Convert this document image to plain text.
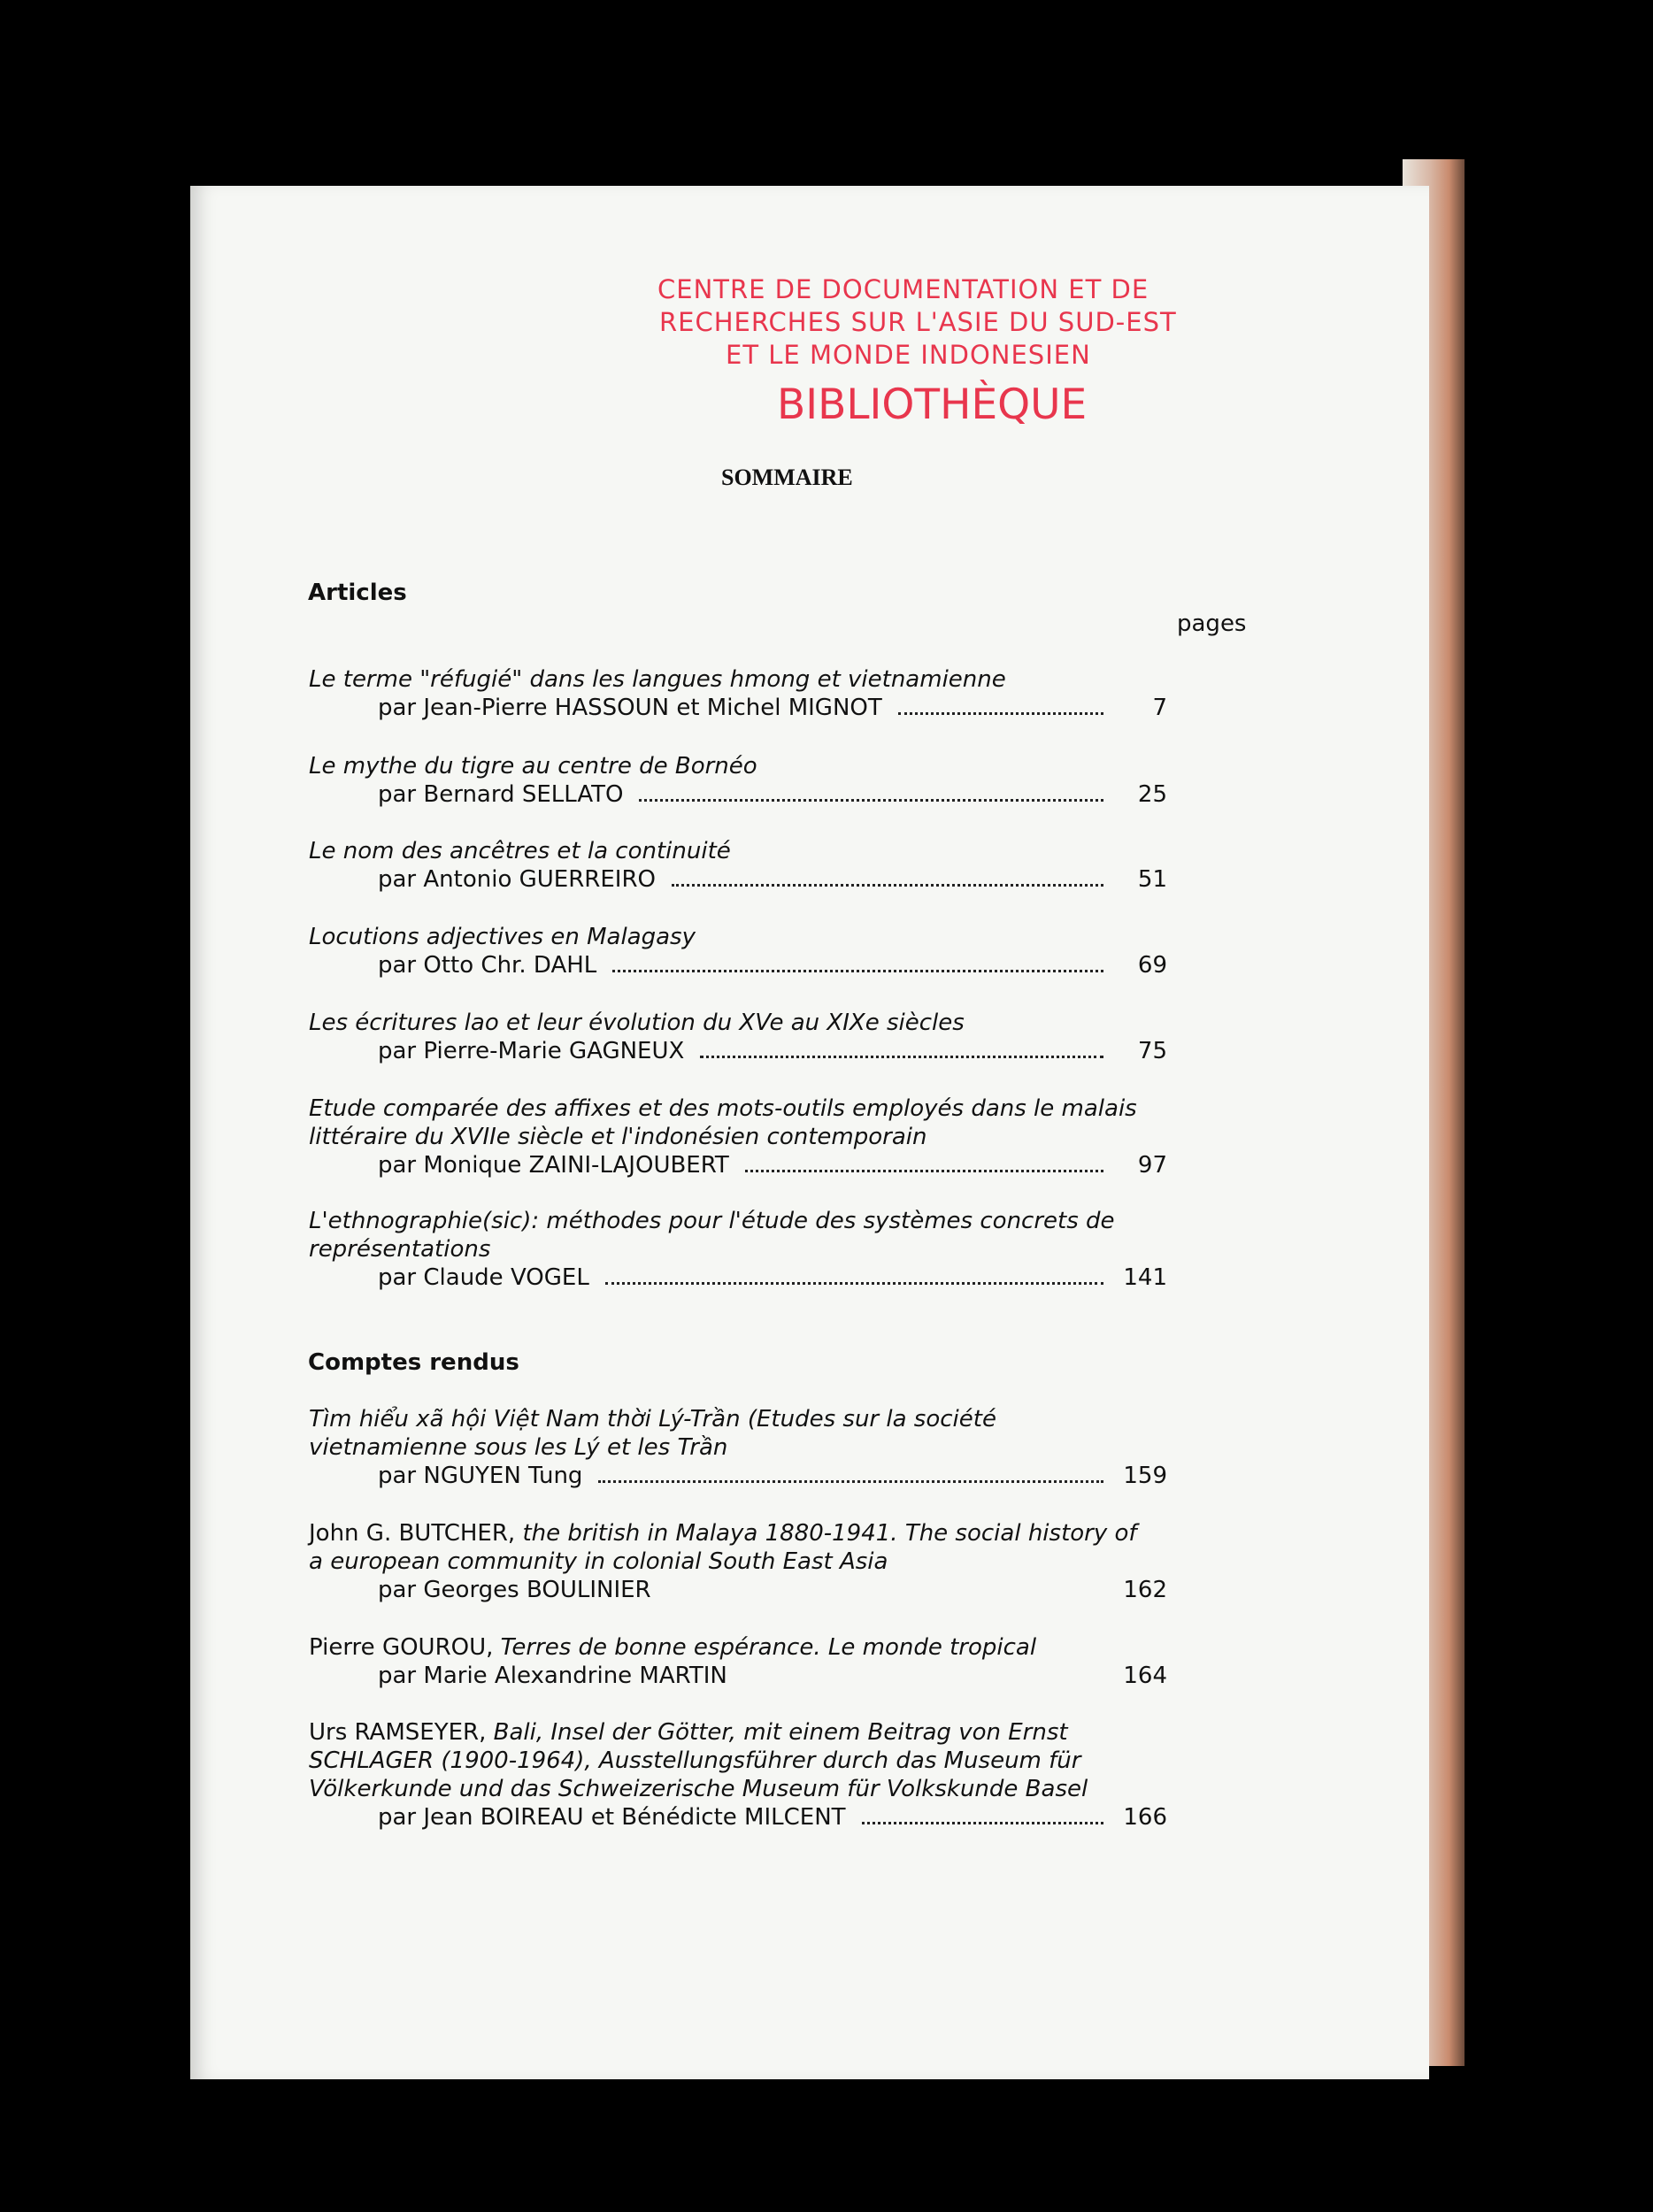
CENTRE DE DOCUMENTATION ET DE
RECHERCHES SUR L'ASIE DU SUD-EST
ET LE MONDE INDONESIEN
BIBLIOTHÈQUE
SOMMAIRE
Articles
pages
Le terme "réfugié" dans les langues hmong et vietnamienne
par Jean-Pierre HASSOUN et Michel MIGNOT	7
Le mythe du tigre au centre de Bornéo
par Bernard SELLATO	25
Le nom des ancêtres et la continuité
par Antonio GUERREIRO	51
Locutions adjectives en Malagasy
par Otto Chr. DAHL	69
Les écritures lao et leur évolution du XVe au XIXe siècles
par Pierre-Marie GAGNEUX	75
Etude comparée des affixes et des mots-outils employés dans le malais littéraire du XVIIe siècle et l'indonésien contemporain
par Monique ZAINI-LAJOUBERT	97
L'ethnographie(sic): méthodes pour l'étude des systèmes concrets de représentations
par Claude VOGEL	141
Comptes rendus
Tìm hiểu xã hội Việt Nam thời Lý-Trần (Etudes sur la société vietnamienne sous les Lý et les Trần
par NGUYEN Tung	159
John G. BUTCHER, the british in Malaya 1880-1941. The social history of a european community in colonial South East Asia
par Georges BOULINIER	162
Pierre GOUROU, Terres de bonne espérance. Le monde tropical
par Marie Alexandrine MARTIN	164
Urs RAMSEYER, Bali, Insel der Götter, mit einem Beitrag von Ernst SCHLAGER (1900-1964), Ausstellungsführer durch das Museum für Völkerkunde und das Schweizerische Museum für Volkskunde Basel
par Jean BOIREAU et Bénédicte MILCENT	166
